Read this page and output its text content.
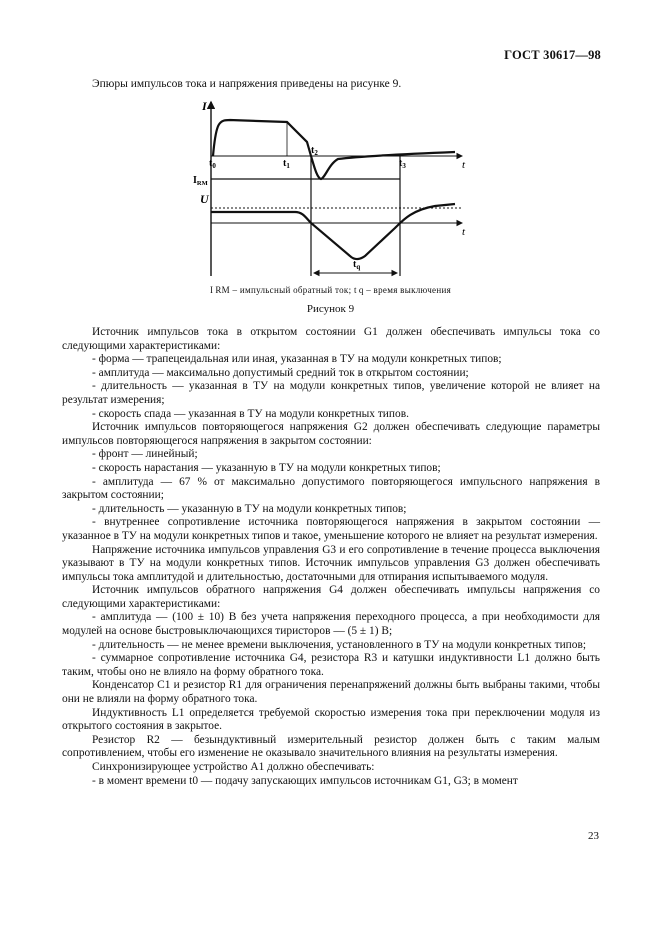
ГОСТ 30617—98
Эпюры импульсов тока и напряжения приведены на рисунке 9.
I
t
$t_0$	$t_1$
$t_2$
$t_3$
$I_{RM}$
U
t
$t_q$
I RM – импульсный обратный ток; t q – время выключения
Рисунок 9

Источник импульсов тока в открытом состоянии G1 должен обеспечивать импульсы тока со следующими характеристиками:

- форма — трапецеидальная или иная, указанная в ТУ на модули конкретных типов;

- амплитуда — максимально допустимый средний ток в открытом состоянии;

- длительность — указанная в ТУ на модули конкретных типов, увеличение которой не влияет на результат измерения;

- скорость спада — указанная в ТУ на модули конкретных типов.

Источник импульсов повторяющегося напряжения G2 должен обеспечивать следующие параметры импульсов повторяющегося напряжения в закрытом состоянии:

- фронт — линейный;

- скорость нарастания — указанную в ТУ на модули конкретных типов;

- амплитуда — 67 % от максимально допустимого повторяющегося импульсного напряжения в закрытом состоянии;

- длительность — указанную в ТУ на модули конкретных типов;

- внутреннее сопротивление источника повторяющегося напряжения в закрытом состоянии — указанное в ТУ на модули конкретных типов и такое, уменьшение которого не влияет на результат измерения.

Напряжение источника импульсов управления G3 и его сопротивление в течение процесса выключения указывают в ТУ на модули конкретных типов. Источник импульсов управления G3 должен обеспечивать импульсы тока амплитудой и длительностью, достаточными для отпирания испытываемого модуля.

Источник импульсов обратного напряжения G4 должен обеспечивать импульсы напряжения со следующими характеристиками:

- амплитуда — (100 ± 10) В без учета напряжения переходного процесса, а при необходимости для модулей на основе быстровыключающихся тиристоров — (5 ± 1) В;

- длительность — не менее времени выключения, установленного в ТУ на модули конкретных типов;

- суммарное сопротивление источника G4, резистора R3 и катушки индуктивности L1 должно быть таким, чтобы оно не влияло на форму обратного тока.

Конденсатор C1 и резистор R1 для ограничения перенапряжений должны быть выбраны такими, чтобы они не влияли на форму обратного тока.

Индуктивность L1 определяется требуемой скоростью измерения тока при переключении модуля из открытого состояния в закрытое.

Резистор R2 — безындуктивный измерительный резистор должен быть с таким малым сопротивлением, чтобы его изменение не оказывало значительного влияния на результаты измерения.

Синхронизирующее устройство A1 должно обеспечивать:

- в момент времени t0 — подачу запускающих импульсов источникам G1, G3; в момент

23
